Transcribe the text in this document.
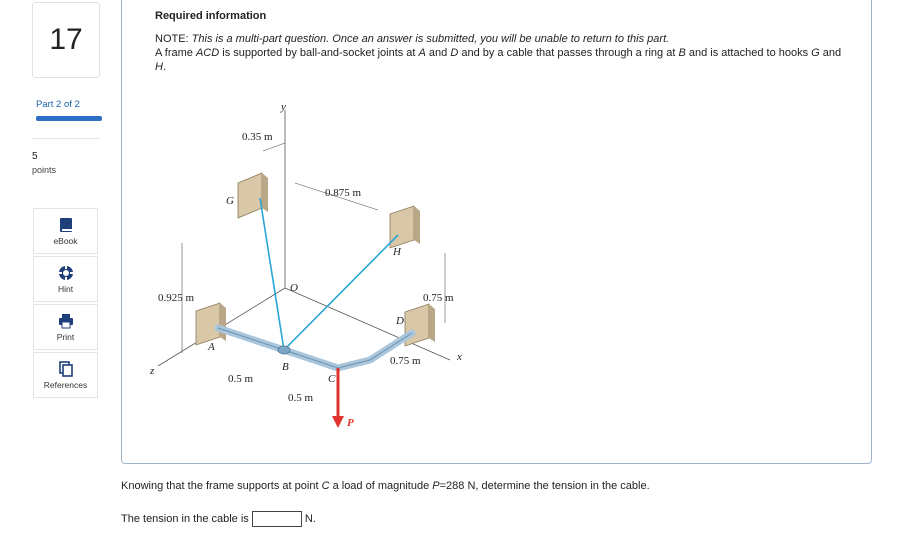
17
Part 2 of 2
5
points
eBook
Hint
Print
References
Required information
NOTE: This is a multi-part question. Once an answer is submitted, you will be unable to return to this part.
A frame ACD is supported by ball-and-socket joints at A and D and by a cable that passes through a ring at B and is attached to hooks G and H.
y
x
z
G
H
O
A
B
C
D
P
0.35 m
0.875 m
0.925 m	0.75 m
0.75 m
0.5 m
0.5 m
Knowing that the frame supports at point C a load of magnitude P=288 N, determine the tension in the cable.
The tension in the cable is	N.
